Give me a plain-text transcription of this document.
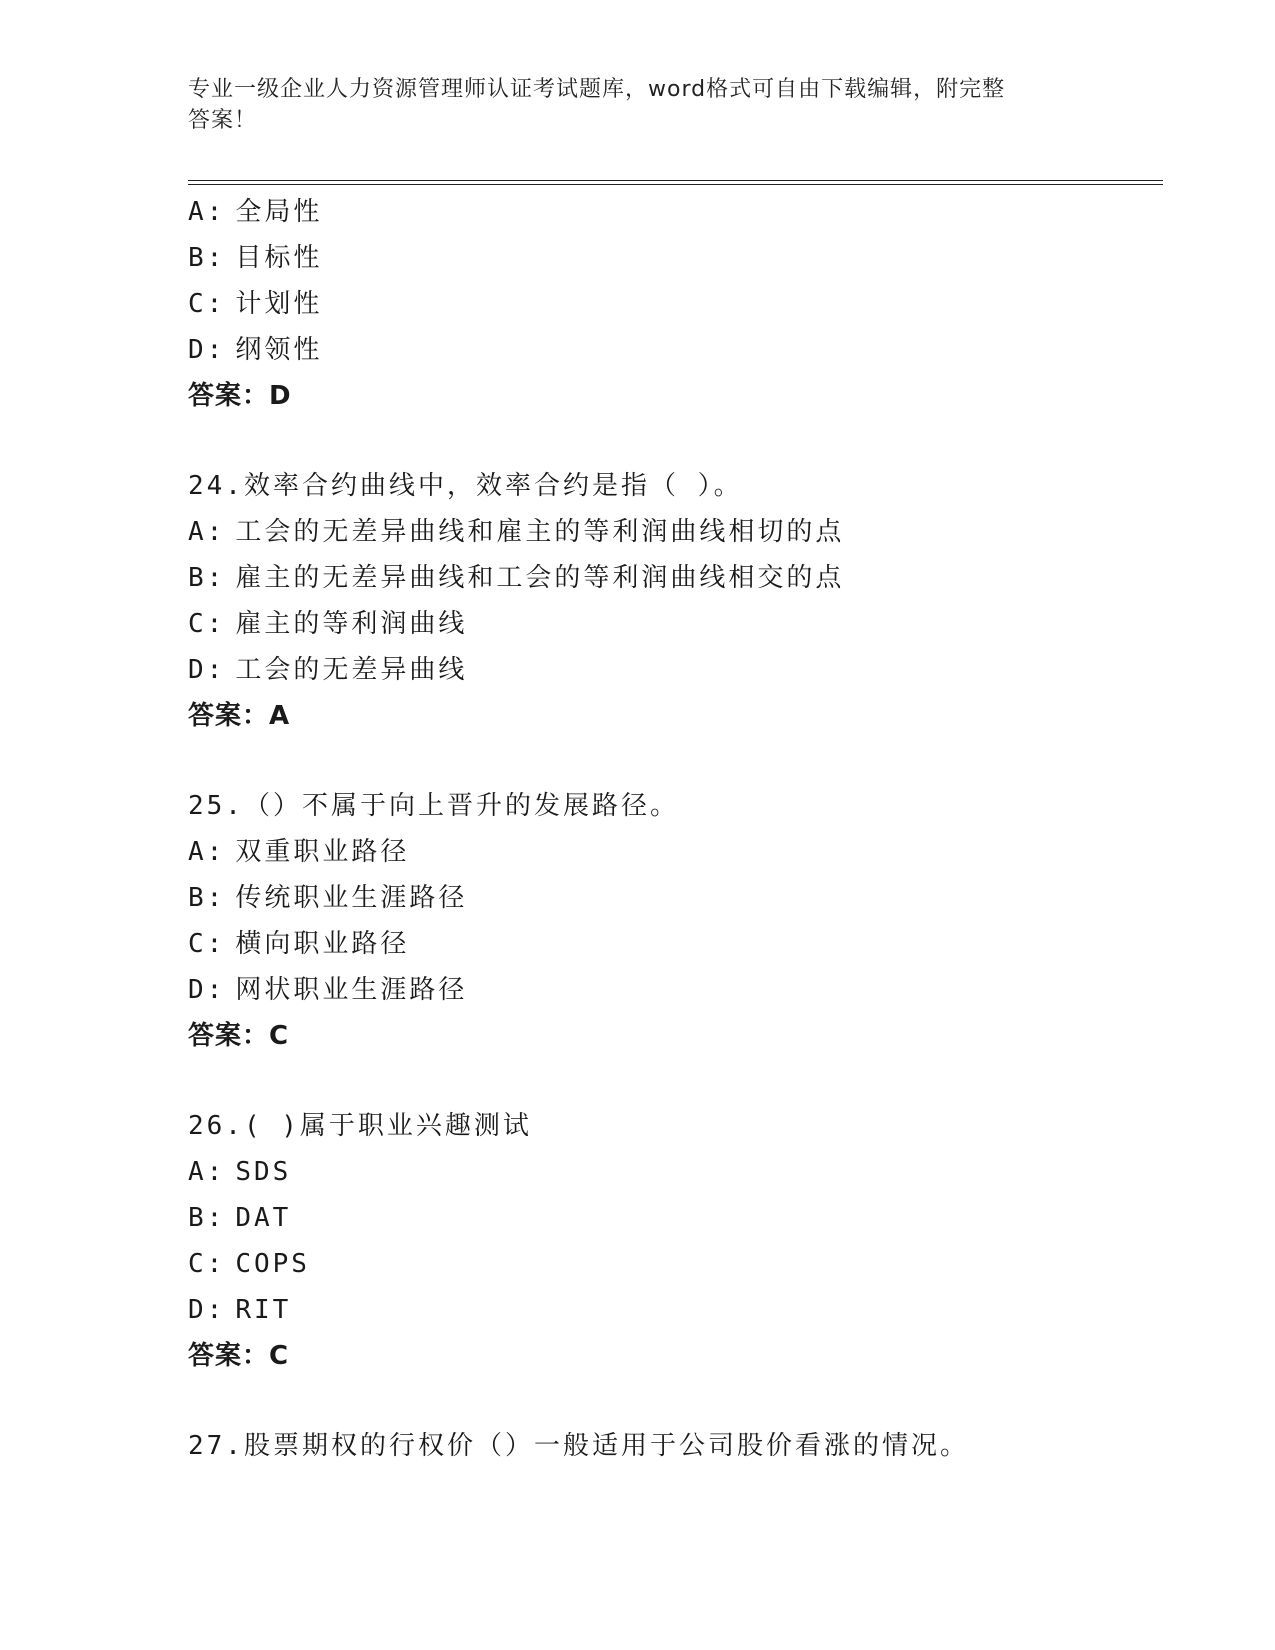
专业一级企业人力资源管理师认证考试题库，word格式可自由下载编辑，附完整
答案！
A: 全局性
B: 目标性
C: 计划性
D: 纲领性
答案：D
24.效率合约曲线中，效率合约是指（ ）。
A: 工会的无差异曲线和雇主的等利润曲线相切的点
B: 雇主的无差异曲线和工会的等利润曲线相交的点
C: 雇主的等利润曲线
D: 工会的无差异曲线
答案：A
25.（）不属于向上晋升的发展路径。
A: 双重职业路径
B: 传统职业生涯路径
C: 横向职业路径
D: 网状职业生涯路径
答案：C
26.( )属于职业兴趣测试
A: SDS
B: DAT
C: COPS
D: RIT
答案：C
27.股票期权的行权价（）一般适用于公司股价看涨的情况。
